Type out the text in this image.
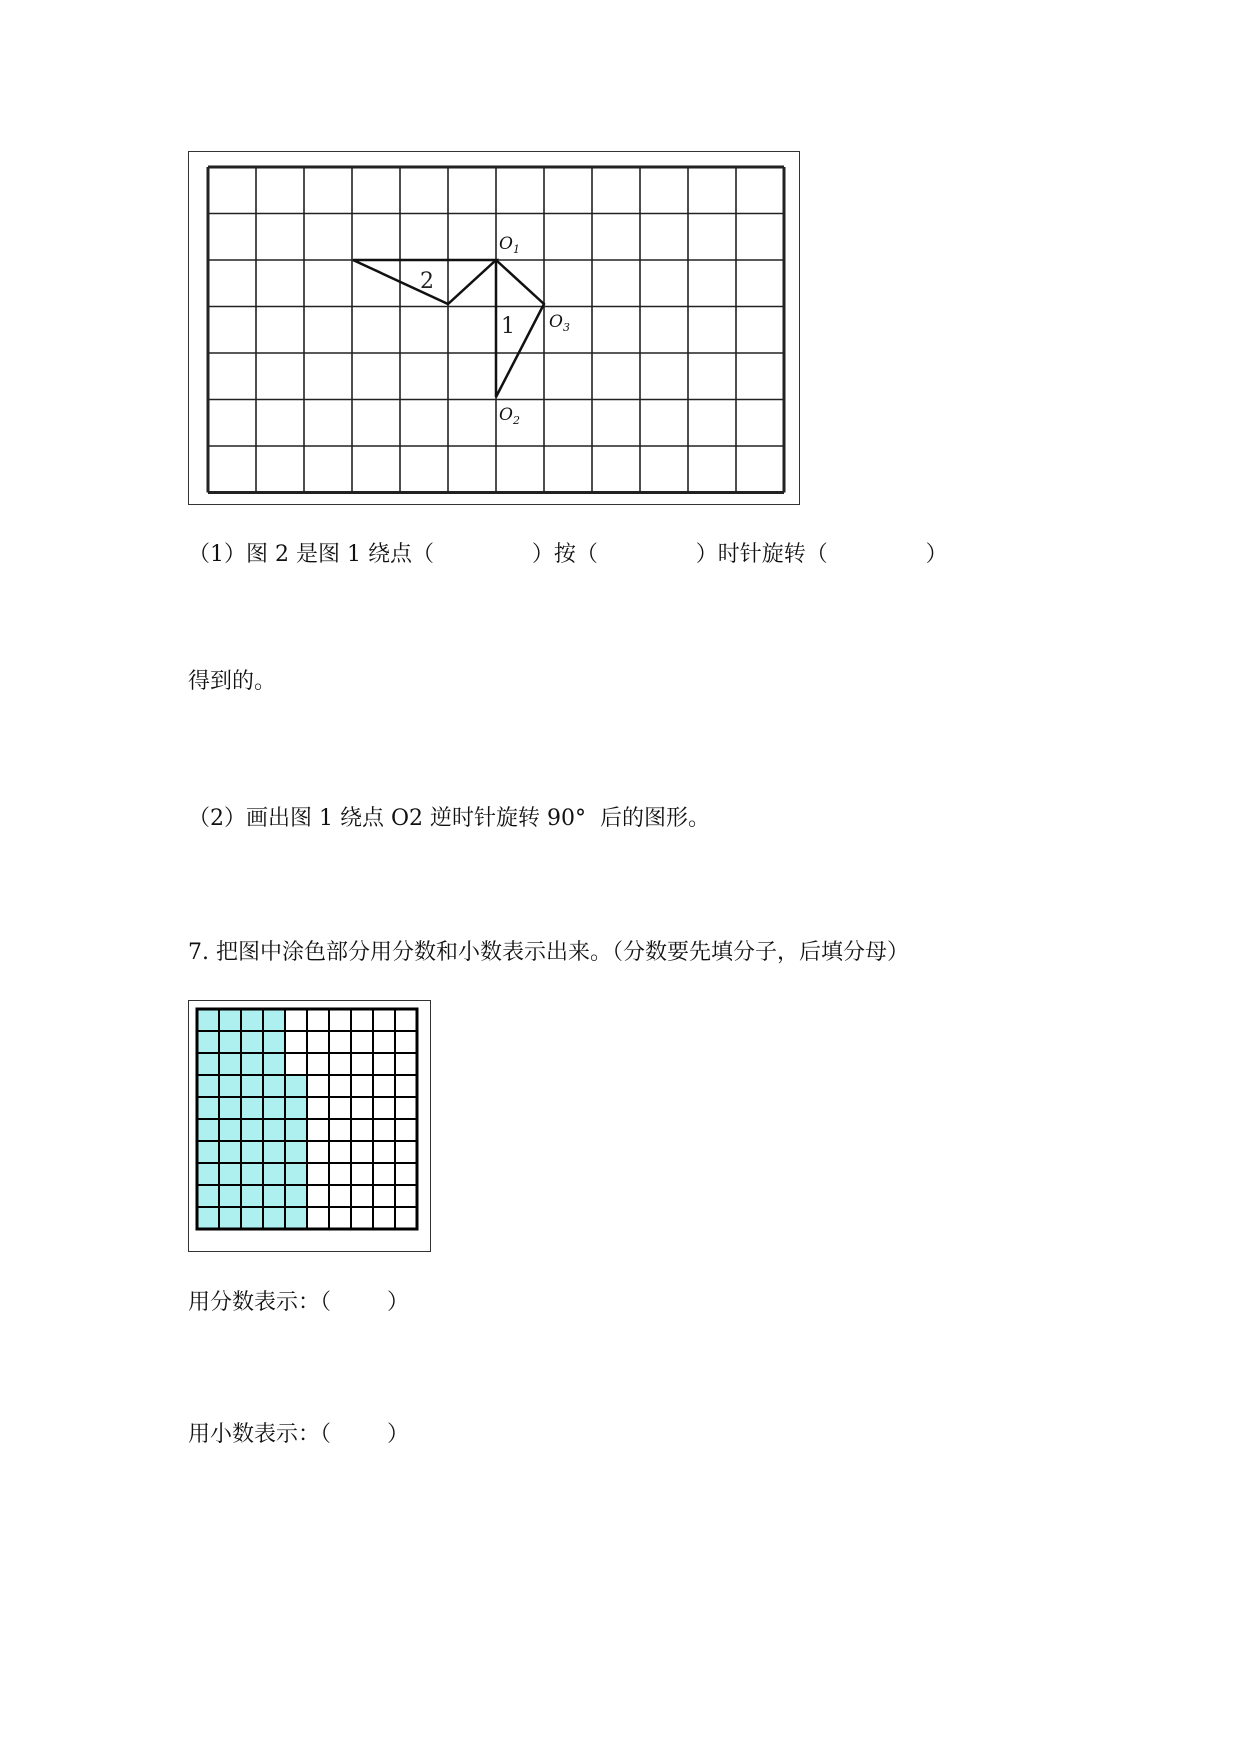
2
1
$O_1$
$O_3$
$O_2$
（1）图 2 是图 1 绕点（              ）按（              ）时针旋转（              ）
得到的。
（2）画出图 1 绕点 O2 逆时针旋转 90°  后的图形。
7. 把图中涂色部分用分数和小数表示出来。（分数要先填分子，后填分母）
用分数表示：（        ）
用小数表示：（        ）
